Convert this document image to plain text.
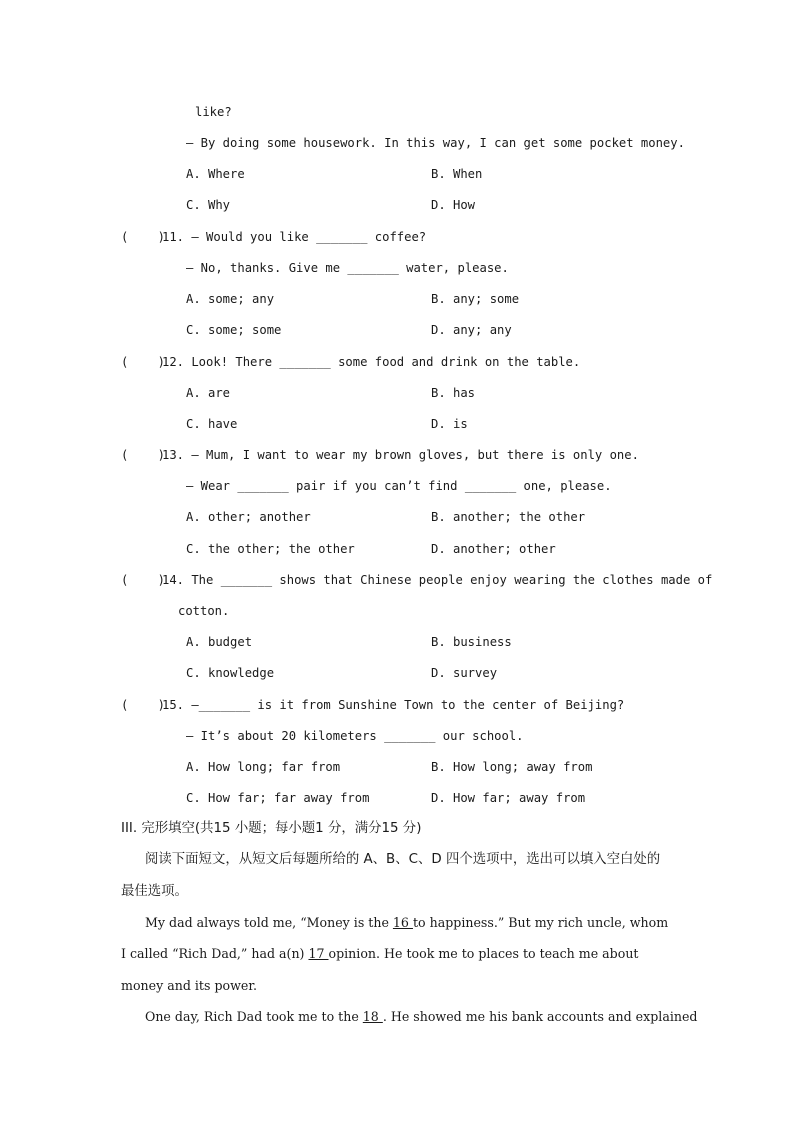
like?
— By doing some housework. In this way, I can get some pocket money.
A. Where	B. When
C. Why	D. How
(    )
11. — Would you like _______ coffee?
— No, thanks. Give me _______ water, please.
A. some; any	B. any; some
C. some; some	D. any; any
(    )
12. Look! There _______ some food and drink on the table.
A. are	B. has
C. have	D. is
(    )
13. — Mum, I want to wear my brown gloves, but there is only one.
— Wear _______ pair if you can’t find _______ one, please.
A. other; another	B. another; the other
C. the other; the other	D. another; other
(    )
14. The _______ shows that Chinese people enjoy wearing the clothes made of
cotton.
A. budget	B. business
C. knowledge	D. survey
(    )
15. —_______ is it from Sunshine Town to the center of Beijing?
— It’s about 20 kilometers _______ our school.
A. How long; far from	B. How long; away from
C. How far; far away from	D. How far; away from
III. 完形填空(共15 小题；每小题1 分，满分15 分)
阅读下面短文，从短文后每题所给的 A、B、C、D 四个选项中，选出可以填入空白处的
最佳选项。
My dad always told me, “Money is the 16 to happiness.” But my rich uncle, whom
I called “Rich Dad,” had a(n) 17 opinion. He took me to places to teach me about
money and its power.
One day, Rich Dad took me to the 18 . He showed me his bank accounts and explained
